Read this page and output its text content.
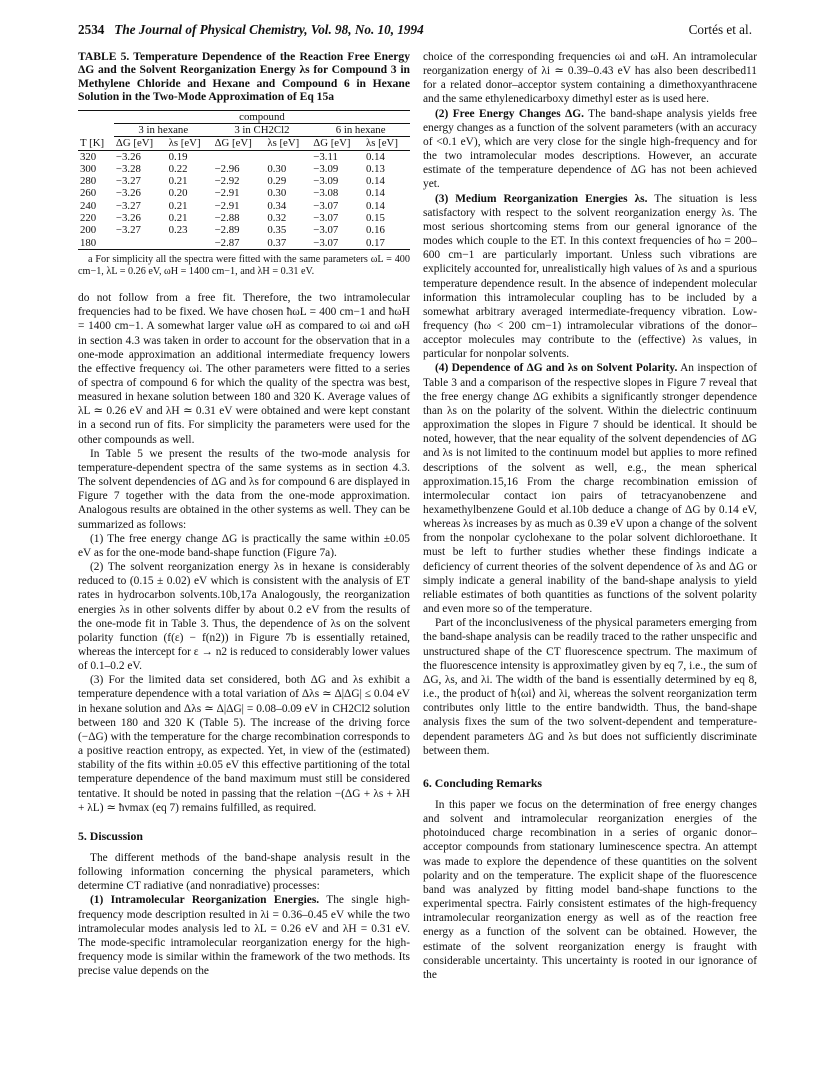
2534 The Journal of Physical Chemistry, Vol. 98, No. 10, 1994	Cortés et al.

TABLE 5. Temperature Dependence of the Reaction Free Energy ΔG and the Solvent Reorganization Energy λs for Compound 3 in Methylene Chloride and Hexane and Compound 6 in Hexane Solution in the Two-Mode Approximation of Eq 15a

	compound					
	3 in hexane		3 in CH2Cl2		6 in hexane	
T [K]	ΔG [eV]	λs [eV]	ΔG [eV]	λs [eV]	ΔG [eV]	λs [eV]
320	−3.26	0.19			−3.11	0.14
300	−3.28	0.22	−2.96	0.30	−3.09	0.13
280	−3.27	0.21	−2.92	0.29	−3.09	0.14
260	−3.26	0.20	−2.91	0.30	−3.08	0.14
240	−3.27	0.21	−2.91	0.34	−3.07	0.14
220	−3.26	0.21	−2.88	0.32	−3.07	0.15
200	−3.27	0.23	−2.89	0.35	−3.07	0.16
180			−2.87	0.37	−3.07	0.17

a For simplicity all the spectra were fitted with the same parameters ωL = 400 cm−1, λL = 0.26 eV, ωH = 1400 cm−1, and λH = 0.31 eV.

do not follow from a free fit. Therefore, the two intramolecular frequencies had to be fixed. We have chosen ħωL = 400 cm−1 and ħωH = 1400 cm−1. A somewhat larger value ωH as compared to ωi and ωH in section 4.3 was taken in order to account for the observation that in a one-mode approximation an additional intermediate frequency lowers the effective frequency ωi. The other parameters were fitted to a series of spectra of compound 6 for which the quality of the spectra was best, measured in hexane solution between 180 and 320 K. Average values of λL ≃ 0.26 eV and λH ≃ 0.31 eV were obtained and were kept constant in a second run of fits. For simplicity the parameters were used for the other compounds as well.

In Table 5 we present the results of the two-mode analysis for temperature-dependent spectra of the same systems as in section 4.3. The solvent dependencies of ΔG and λs for compound 6 are displayed in Figure 7 together with the data from the one-mode approximation. Analogous results are obtained in the other systems as well. They can be summarized as follows:

(1) The free energy change ΔG is practically the same within ±0.05 eV as for the one-mode band-shape function (Figure 7a).

(2) The solvent reorganization energy λs in hexane is considerably reduced to (0.15 ± 0.02) eV which is consistent with the analysis of ET rates in hydrocarbon solvents.10b,17a Analogously, the reorganization energies λs in other solvents differ by about 0.2 eV from the results of the one-mode fit in Table 3. Thus, the dependence of λs on the solvent polarity function (f(ε) − f(n2)) in Figure 7b is essentially retained, whereas the intercept for ε → n2 is reduced to considerably lower values of 0.1–0.2 eV.

(3) For the limited data set considered, both ΔG and λs exhibit a temperature dependence with a total variation of Δλs ≃ Δ|ΔG| ≤ 0.04 eV in hexane solution and Δλs ≃ Δ|ΔG| = 0.08–0.09 eV in CH2Cl2 solution between 180 and 320 K (Table 5). The increase of the driving force (−ΔG) with the temperature for the charge recombination corresponds to a positive reaction entropy, as expected. Yet, in view of the (estimated) stability of the fits within ±0.05 eV this effective partitioning of the total temperature dependence of the band maximum must still be considered tentative. It should be noted in passing that the relation −(ΔG + λs + λH + λL) ≃ ħνmax (eq 7) remains fulfilled, as required.

5. Discussion

The different methods of the band-shape analysis result in the following information concerning the physical parameters, which determine CT radiative (and nonradiative) processes:

(1) Intramolecular Reorganization Energies. The single high-frequency mode description resulted in λi = 0.36–0.45 eV while the two intramolecular modes analysis led to λL = 0.26 eV and λH = 0.31 eV. The mode-specific intramolecular reorganization energy for the high-frequency mode is similar within the framework of the two methods. Its precise value depends on the

choice of the corresponding frequencies ωi and ωH. An intramolecular reorganization energy of λi ≃ 0.39–0.43 eV has also been described11 for a related donor–acceptor system containing a dimethoxyanthracene and the same ethylenedicarboxy dimethyl ester as is used here.

(2) Free Energy Changes ΔG. The band-shape analysis yields free energy changes as a function of the solvent parameters (with an accuracy of <0.1 eV), which are very close for the single high-frequency and for the two intramolecular modes descriptions. However, an accurate estimate of the temperature dependence of ΔG has not been achieved yet.

(3) Medium Reorganization Energies λs. The situation is less satisfactory with respect to the solvent reorganization energy λs. The most serious shortcoming stems from our general ignorance of the modes which couple to the ET. In this context frequencies of ħω = 200–600 cm−1 are particularly important. Unless such vibrations are explicitely accounted for, unrealistically high values of λs and a spurious temperature dependence result. In the absence of independent molecular information this intramolecular coupling has to be included by a somewhat arbitrary averaged intermediate-frequency vibration. Low-frequency (ħω < 200 cm−1) intramolecular vibrations of the donor–acceptor molecules may contribute to the (effective) λs values, in particular for nonpolar solvents.

(4) Dependence of ΔG and λs on Solvent Polarity. An inspection of Table 3 and a comparison of the respective slopes in Figure 7 reveal that the free energy change ΔG exhibits a significantly stronger dependence than λs on the polarity of the solvent. Within the dielectric continuum approximation the slopes in Figure 7 should be identical. It should be noted, however, that the near equality of the solvent dependencies of ΔG and λs is not limited to the continuum model but applies to more refined descriptions of the solvent as well, e.g., the mean spherical approximation.15,16 From the charge recombination emission of intermolecular contact ion pairs of tetracyanobenzene and hexamethylbenzene Gould et al.10b deduce a change of ΔG by 0.14 eV, whereas λs increases by as much as 0.39 eV upon a change of the solvent from the nonpolar cyclohexane to the polar solvent dichloroethane. It must be left to further studies whether these findings indicate a deficiency of current theories of the solvent dependence of λs and ΔG or simply indicate a general inability of the band-shape analysis to yield reliable estimates of both quantities as functions of the solvent polarity and even more so of the temperature.

Part of the inconclusiveness of the physical parameters emerging from the band-shape analysis can be readily traced to the rather unspecific and unstructured shape of the CT fluorescence spectrum. The maximum of the fluorescence intensity is approximatley given by eq 7, i.e., the sum of ΔG, λs, and λi. The width of the band is essentially determined by eq 8, i.e., the product of ħ⟨ωi⟩ and λi, whereas the solvent reorganization term contributes only little to the entire bandwidth. Thus, the band-shape analysis fixes the sum of the two solvent-dependent and temperature-dependent parameters ΔG and λs but does not sufficiently discriminate between them.

6. Concluding Remarks

In this paper we focus on the determination of free energy changes and solvent and intramolecular reorganization energies of the photoinduced charge recombination in a series of organic donor–acceptor compounds from stationary luminescence spectra. An attempt was made to explore the dependence of these quantities on the solvent polarity and on the temperature. The explicit shape of the fluorescence band was analyzed by fitting model band-shape functions to the experimental spectra. Fairly consistent estimates of the high-frequency intramolecular reorganization energy as well as of the reaction free energy as a function of the solvent can be obtained. However, the estimate of the solvent reorganization energy is fraught with considerable uncertainty. This uncertainty is rooted in our ignorance of the
